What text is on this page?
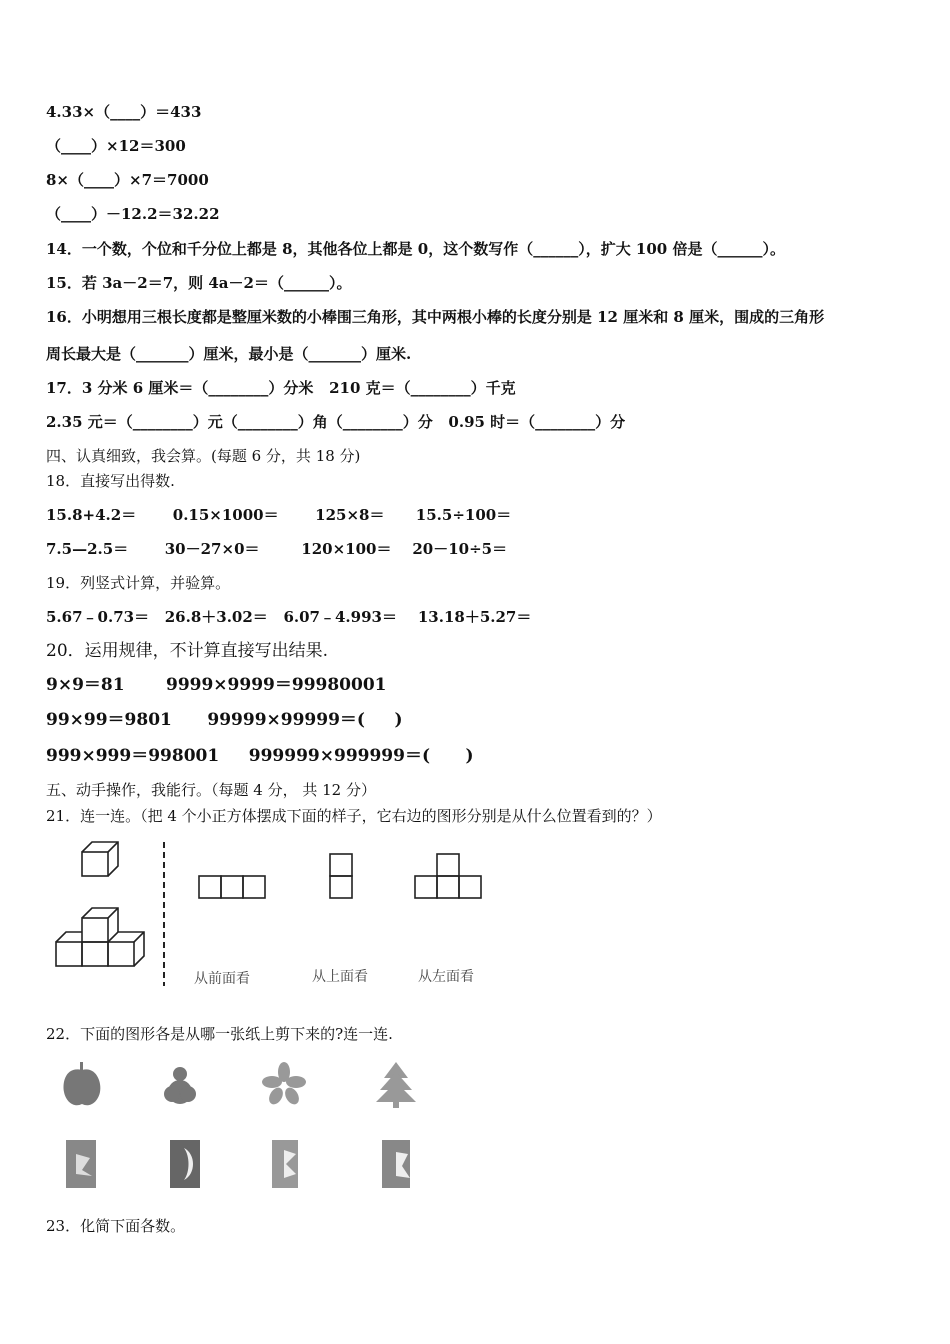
4.33×（____）＝433
（____）×12＝300
8×（____）×7＝7000
（____）－12.2＝32.22
14．一个数，个位和千分位上都是 8，其他各位上都是 0，这个数写作（______），扩大 100 倍是（______）。
15．若 3a－2＝7，则 4a－2＝（______）。
16．小明想用三根长度都是整厘米数的小棒围三角形，其中两根小棒的长度分别是 12 厘米和 8 厘米，围成的三角形
周长最大是（_______）厘米，最小是（_______）厘米.
17．3 分米 6 厘米＝（________）分米   210 克＝（________）千克
2.35 元＝（________）元（________）角（________）分   0.95 时＝（________）分
四、认真细致，我会算。(每题 6 分，共 18 分)
18．直接写出得数.
15.8+4.2＝       0.15×1000＝       125×8＝      15.5÷100＝
7.5—2.5＝       30－27×0＝        120×100＝    20－10÷5＝
19．列竖式计算，并验算。
5.67﹣0.73＝   26.8＋3.02＝   6.07﹣4.993＝    13.18＋5.27＝
20．运用规律，不计算直接写出结果.
9×9＝81       9999×9999＝99980001
99×99＝9801      99999×99999＝(     )
999×999＝998001     999999×999999＝(      )
五、动手操作，我能行。（每题 4 分， 共 12 分）
21．连一连。（把 4 个小正方体摆成下面的样子，它右边的图形分别是从什么位置看到的？）
从前面看	从上面看	从左面看
22．下面的图形各是从哪一张纸上剪下来的?连一连.
23．化简下面各数。
